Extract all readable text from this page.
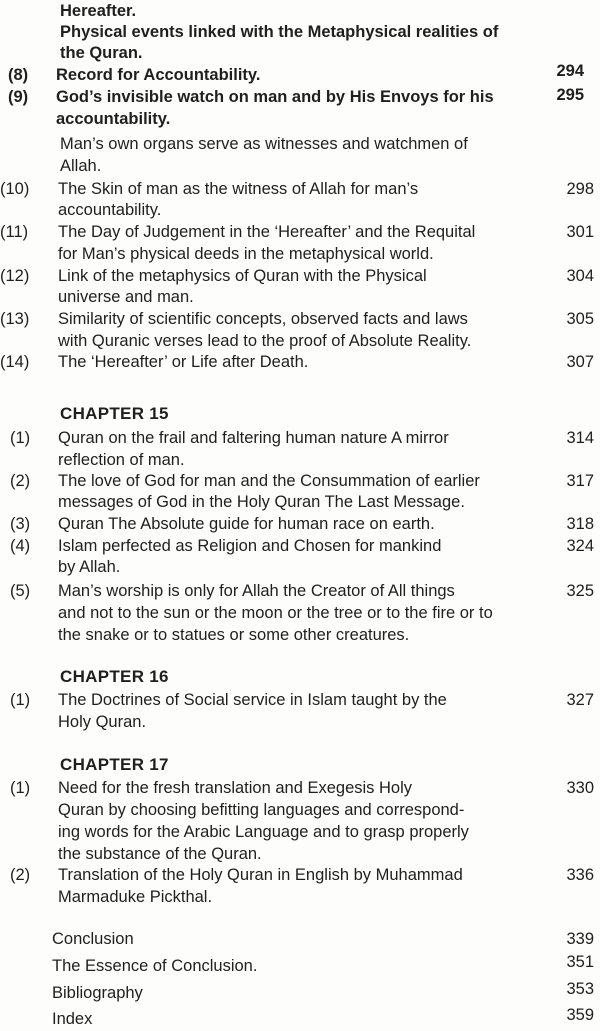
Hereafter.
Physical events linked with the Metaphysical realities of
the Quran.
(8) Record for Accountability.	294
(9) God’s invisible watch on man and by His Envoys for his	295
accountability.
Man’s own organs serve as witnesses and watchmen of
Allah.
(10) The Skin of man as the witness of Allah for man’s	298
accountability.
(11) The Day of Judgement in the ‘Hereafter’ and the Requital	301
for Man’s physical deeds in the metaphysical world.
(12) Link of the metaphysics of Quran with the Physical	304
universe and man.
(13) Similarity of scientific concepts, observed facts and laws	305
with Quranic verses lead to the proof of Absolute Reality.
(14) The ‘Hereafter’ or Life after Death.	307
CHAPTER 15
(1) Quran on the frail and faltering human nature A mirror	314
reflection of man.
(2) The love of God for man and the Consummation of earlier	317
messages of God in the Holy Quran The Last Message.
(3) Quran The Absolute guide for human race on earth.	318
(4) Islam perfected as Religion and Chosen for mankind	324
by Allah.
(5) Man’s worship is only for Allah the Creator of All things	325
and not to the sun or the moon or the tree or to the fire or to
the snake or to statues or some other creatures.
CHAPTER 16
(1) The Doctrines of Social service in Islam taught by the	327
Holy Quran.
CHAPTER 17
(1) Need for the fresh translation and Exegesis Holy	330
Quran by choosing befitting languages and correspond-
ing words for the Arabic Language and to grasp properly
the substance of the Quran.
(2) Translation of the Holy Quran in English by Muhammad	336
Marmaduke Pickthal.
Conclusion	339
The Essence of Conclusion.	351
Bibliography	353
Index	359
